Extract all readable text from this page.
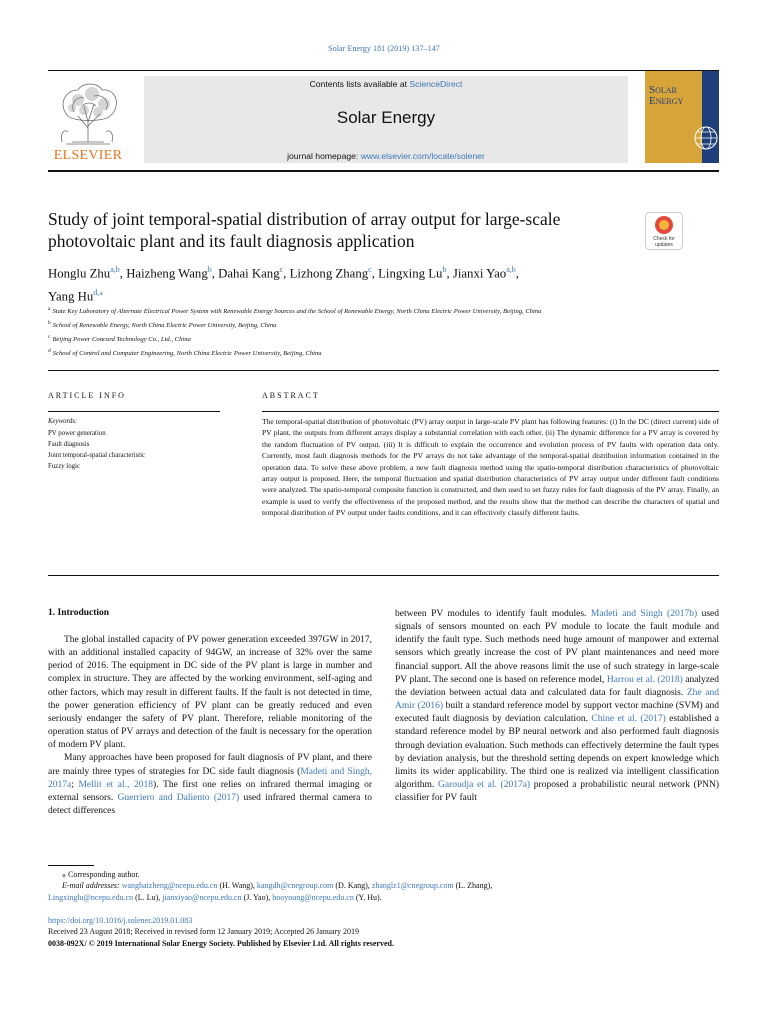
Solar Energy 181 (2019) 137–147
ELSEVIER
Contents lists available at ScienceDirect
Solar Energy
journal homepage: www.elsevier.com/locate/solener
Solar
Energy
Study of joint temporal-spatial distribution of array output for large-scale photovoltaic plant and its fault diagnosis application	Check for
updates
Honglu Zhu$^{a,b}$, Haizheng Wang$^b$, Dahai Kang$^c$, Lizhong Zhang$^c$, Lingxing Lu$^b$, Jianxi Yao$^{a,b}$,
Yang $Hu^{d,⁎}$
$^a$ State Key Laboratory of Alternate Electrical Power System with Renewable Energy Sources and the School of Renewable Energy, North China Electric Power University, Beijing, China
$^b$ School of Renewable Energy, North China Electric Power University, Beijing, China
$^c$ Beijing Power Concord Technology Co., Ltd., China
$^d$ School of Control and Computer Engineering, North China Electric Power University, Beijing, China
ARTICLE INFO
Keywords:
PV power generation
Fault diagnosis
Joint temporal-spatial characteristic
Fuzzy logic
ABSTRACT
The temporal-spatial distribution of photovoltaic (PV) array output in large-scale PV plant has following features: (i) In the DC (direct current) side of PV plant, the outputs from different arrays display a substantial correlation with each other. (ii) The dynamic difference for a PV array is covered by the random fluctuation of PV output. (iii) It is difficult to explain the occurrence and evolution process of PV faults with operation data only. Currently, most fault diagnosis methods for the PV arrays do not take advantage of the temporal-spatial distribution information contained in the operation data. To solve these above problem, a new fault diagnosis method using the spatio-temporal distribution characteristics of photovoltaic array output is proposed. Here, the temporal fluctuation and spatial distribution characteristics of PV array output under different fault conditions were analyzed. The spatio-temporal composite function is constructed, and then used to set fuzzy rules for fault diagnosis of the PV array. Finally, an example is used to verify the effectiveness of the proposed method, and the results show that the method can describe the characters of spatial and temporal distribution of PV output under faults conditions, and it can effectively classify different faults.
1. Introduction

The global installed capacity of PV power generation exceeded 397GW in 2017, with an additional installed capacity of 94GW, an increase of 32% over the same period of 2016. The equipment in DC side of the PV plant is large in number and complex in structure. They are affected by the working environment, self-aging and other factors, which may result in different faults. If the fault is not detected in time, the power generation efficiency of PV plant can be greatly reduced and even seriously endanger the safety of PV plant. Therefore, reliable monitoring of the operation status of PV arrays and detection of the fault is necessary for the operation of modern PV plant.

Many approaches have been proposed for fault diagnosis of PV plant, and there are mainly three types of strategies for DC side fault diagnosis (Madeti and Singh, 2017a; Mellit et al., 2018). The first one relies on infrared thermal imaging or external sensors. Guerriero and Daliento (2017) used infrared thermal camera to detect differences

between PV modules to identify fault modules. Madeti and Singh (2017b) used signals of sensors mounted on each PV module to locate the fault module and identify the fault type. Such methods need huge amount of manpower and external sensors which greatly increase the cost of PV plant maintenances and need more financial support. All the above reasons limit the use of such strategy in large-scale PV plant. The second one is based on reference model, Harrou et al. (2018) analyzed the deviation between actual data and calculated data for fault diagnosis. Zhe and Amir (2016) built a standard reference model by support vector machine (SVM) and executed fault diagnosis by deviation calculation. Chine et al. (2017) established a standard reference model by BP neural network and also performed fault diagnosis through deviation evaluation. Such methods can effectively determine the fault types by deviation analysis, but the threshold setting depends on expert knowledge which limits its wider applicability. The third one is realized via intelligent classification algorithm. Garoudja et al. (2017a) proposed a probabilistic neural network (PNN) classifier for PV fault

⁎ Corresponding author.
E-mail addresses: wanghaizheng@ncepu.edu.cn (H. Wang), kangdh@cnegroup.com (D. Kang), zhanglz1@cnegroup.com (L. Zhang),
Lingxinglu@ncepu.edu.cn (L. Lu), jianxiyao@ncepu.edu.cn (J. Yao), hooyoung@ncepu.edu.cn (Y. Hu).
https://doi.org/10.1016/j.solener.2019.01.083
Received 23 August 2018; Received in revised form 12 January 2019; Accepted 26 January 2019
0038-092X/ © 2019 International Solar Energy Society. Published by Elsevier Ltd. All rights reserved.
